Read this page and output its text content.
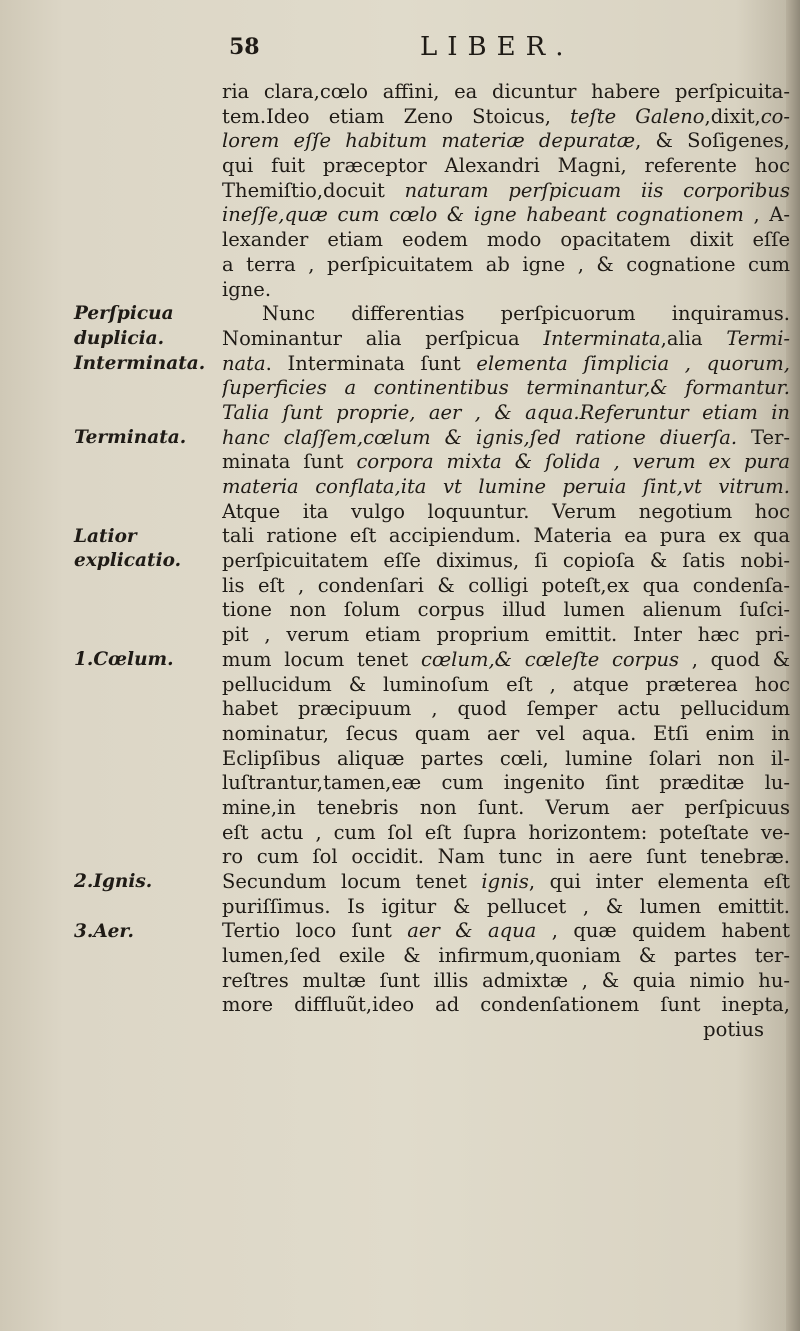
58	LIBER.
ria clara,cœlo affini, ea dicuntur habere perſpicuita-
tem.Ideo etiam Zeno Stoicus, teſte Galeno,dixit,co-
lorem eſſe habitum materiæ depuratæ, & Soſigenes,
qui fuit præceptor Alexandri Magni, referente hoc
Themiſtio,docuit naturam perſpicuam iis corporibus
ineſſe,quæ cum cœlo & igne habeant cognationem , A-
lexander etiam eodem modo opacitatem dixit eſſe
a terra , perſpicuitatem ab igne , & cognatione cum
igne.
Nunc differentias perſpicuorum inquiramus.
Nominantur alia perſpicua Interminata,alia Termi-
nata. Interminata ſunt elementa ſimplicia , quorum,
ſuperficies a continentibus terminantur,& formantur.
Talia ſunt proprie, aer , & aqua.Referuntur etiam in
hanc claſſem,cœlum & ignis,ſed ratione diuerſa. Ter-
minata ſunt corpora mixta & ſolida , verum ex pura
materia conflata,ita vt lumine peruia ſint,vt vitrum.
Atque ita vulgo loquuntur. Verum negotium hoc
tali ratione eſt accipiendum. Materia ea pura ex qua
perſpicuitatem eſſe diximus, ſi copioſa & ſatis nobi-
lis eſt , condenſari & colligi poteſt,ex qua condenſa-
tione non ſolum corpus illud lumen alienum ſuſci-
pit , verum etiam proprium emittit. Inter hæc pri-
mum locum tenet cœlum,& cœleſte corpus , quod &
pellucidum & luminoſum eſt , atque præterea hoc
habet præcipuum , quod ſemper actu pellucidum
nominatur, ſecus quam aer vel aqua. Etſi enim in
Eclipſibus aliquæ partes cœli, lumine ſolari non il-
luſtrantur,tamen,eæ cum ingenito ſint præditæ lu-
mine,in tenebris non ſunt. Verum aer perſpicuus
eſt actu , cum ſol eſt ſupra horizontem: poteſtate ve-
ro cum ſol occidit. Nam tunc in aere ſunt tenebræ.
Secundum locum tenet ignis, qui inter elementa eſt
puriſſimus. Is igitur & pellucet , & lumen emittit.
Tertio loco ſunt aer & aqua , quæ quidem habent
lumen,ſed exile & infirmum,quoniam & partes ter-
reſtres multæ ſunt illis admixtæ , & quia nimio hu-
more diffluũt,ideo ad condenſationem ſunt inepta,
potius
Perſpicua duplicia.
Interminata.
Terminata.
Latior explicatio.
1.Cœlum.
2.Ignis.
3.Aer.
